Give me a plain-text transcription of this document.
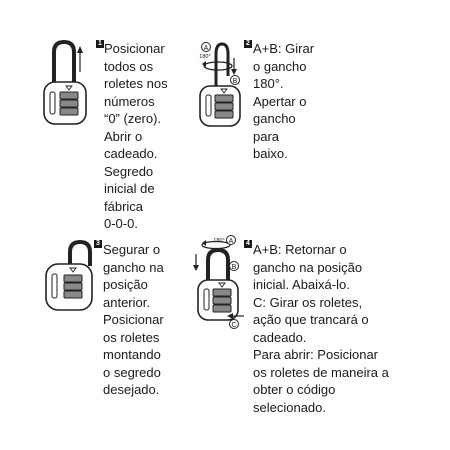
1 Posicionar
todos os
roletes nos
números
“0” (zero).
Abrir o
cadeado.
Segredo
inicial de
fábrica
0-0-0.
A
180°
B
2 A+B: Girar
o gancho
180°.
Apertar o
gancho
para
baixo.
3 Segurar o
gancho na
posição
anterior.
Posicionar
os roletes
montando
o segredo
desejado.
180° A
B
C
4 A+B: Retornar o
gancho na posição
inicial. Abaixá-lo.
C: Girar os roletes,
ação que trancará o
cadeado.
Para abrir: Posicionar
os roletes de maneira a
obter o código
selecionado.
